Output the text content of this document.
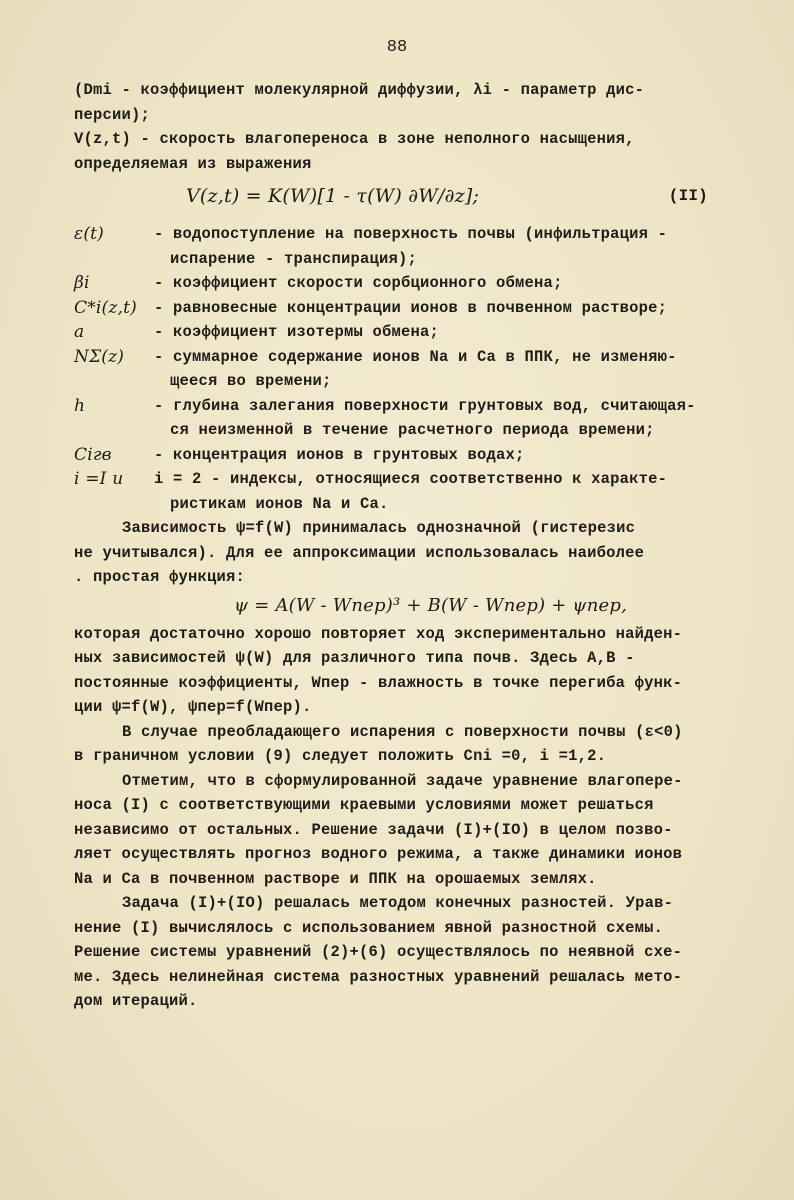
88
(Dmi - коэффициент молекулярной диффузии, λi - параметр дис-
персии);
V(z,t) - скорость влагопереноса в зоне неполного насыщения,
определяемая из выражения
V(z,t) = K(W)[1 - τ(W) ∂W/∂z];	(II)
ε(t)	- водопоступление на поверхность почвы (инфильтрация -
испарение - транспирация);
βi	- коэффициент скорости сорбционного обмена;
C*i(z,t)	- равновесные концентрации ионов в почвенном растворе;
a	- коэффициент изотермы обмена;
NΣ(z)	- суммарное содержание ионов Na и Ca в ППК, не изменяю-
щееся во времени;
h	- глубина залегания поверхности грунтовых вод, считающая-
ся неизменной в течение расчетного периода времени;
Ciгв	- концентрация ионов в грунтовых водах;
i =I и	i = 2 - индексы, относящиеся соответственно к характе-
ристикам ионов Na и Ca.
Зависимость ψ=f(W) принималась однозначной (гистерезис
не учитывался). Для ее аппроксимации использовалась наиболее
. простая функция:
ψ = A(W - Wпер)³ + B(W - Wпер) + ψпер,
которая достаточно хорошо повторяет ход экспериментально найден-
ных зависимостей ψ(W) для различного типа почв. Здесь A,B -
постоянные коэффициенты, Wпер - влажность в точке перегиба функ-
ции ψ=f(W), ψпер=f(Wпер).
В случае преобладающего испарения с поверхности почвы (ε<0)
в граничном условии (9) следует положить Cni =0, i =1,2.
Отметим, что в сформулированной задаче уравнение влагопере-
носа (I) с соответствующими краевыми условиями может решаться
независимо от остальных. Решение задачи (I)+(IO) в целом позво-
ляет осуществлять прогноз водного режима, а также динамики ионов
Na и Ca в почвенном растворе и ППК на орошаемых землях.
Задача (I)+(IO) решалась методом конечных разностей. Урав-
нение (I) вычислялось с использованием явной разностной схемы.
Решение системы уравнений (2)+(6) осуществлялось по неявной схе-
ме. Здесь нелинейная система разностных уравнений решалась мето-
дом итераций.
